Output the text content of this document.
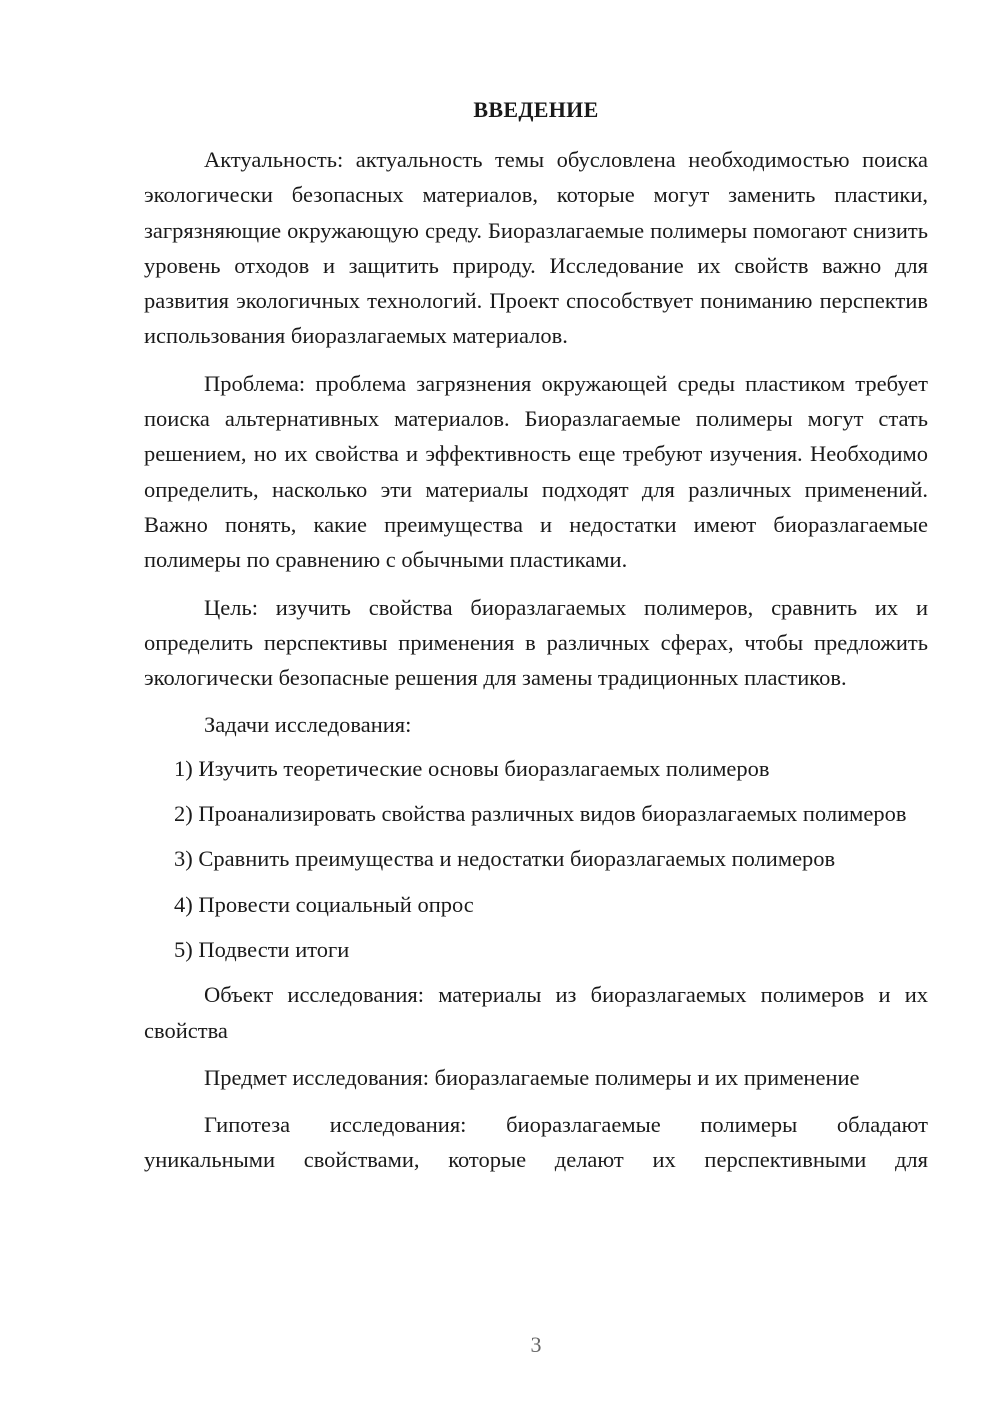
ВВЕДЕНИЕ

Актуальность: актуальность темы обусловлена необходимостью поиска экологически безопасных материалов, которые могут заменить пластики, загрязняющие окружающую среду. Биоразлагаемые полимеры помогают снизить уровень отходов и защитить природу. Исследование их свойств важно для развития экологичных технологий. Проект способствует пониманию перспектив использования биоразлагаемых материалов.

Проблема: проблема загрязнения окружающей среды пластиком требует поиска альтернативных материалов. Биоразлагаемые полимеры могут стать решением, но их свойства и эффективность еще требуют изучения. Необходимо определить, насколько эти материалы подходят для различных применений. Важно понять, какие преимущества и недостатки имеют биоразлагаемые полимеры по сравнению с обычными пластиками.

Цель: изучить свойства биоразлагаемых полимеров, сравнить их и определить перспективы применения в различных сферах, чтобы предложить экологически безопасные решения для замены традиционных пластиков.

Задачи исследования:

1) Изучить теоретические основы биоразлагаемых полимеров

2) Проанализировать свойства различных видов биоразлагаемых полимеров

3) Сравнить преимущества и недостатки биоразлагаемых полимеров

4) Провести социальный опрос

5) Подвести итоги

Объект исследования: материалы из биоразлагаемых полимеров и их свойства

Предмет исследования: биоразлагаемые полимеры и их применение

Гипотеза исследования: биоразлагаемые полимеры обладают уникальными свойствами, которые делают их перспективными для

3
